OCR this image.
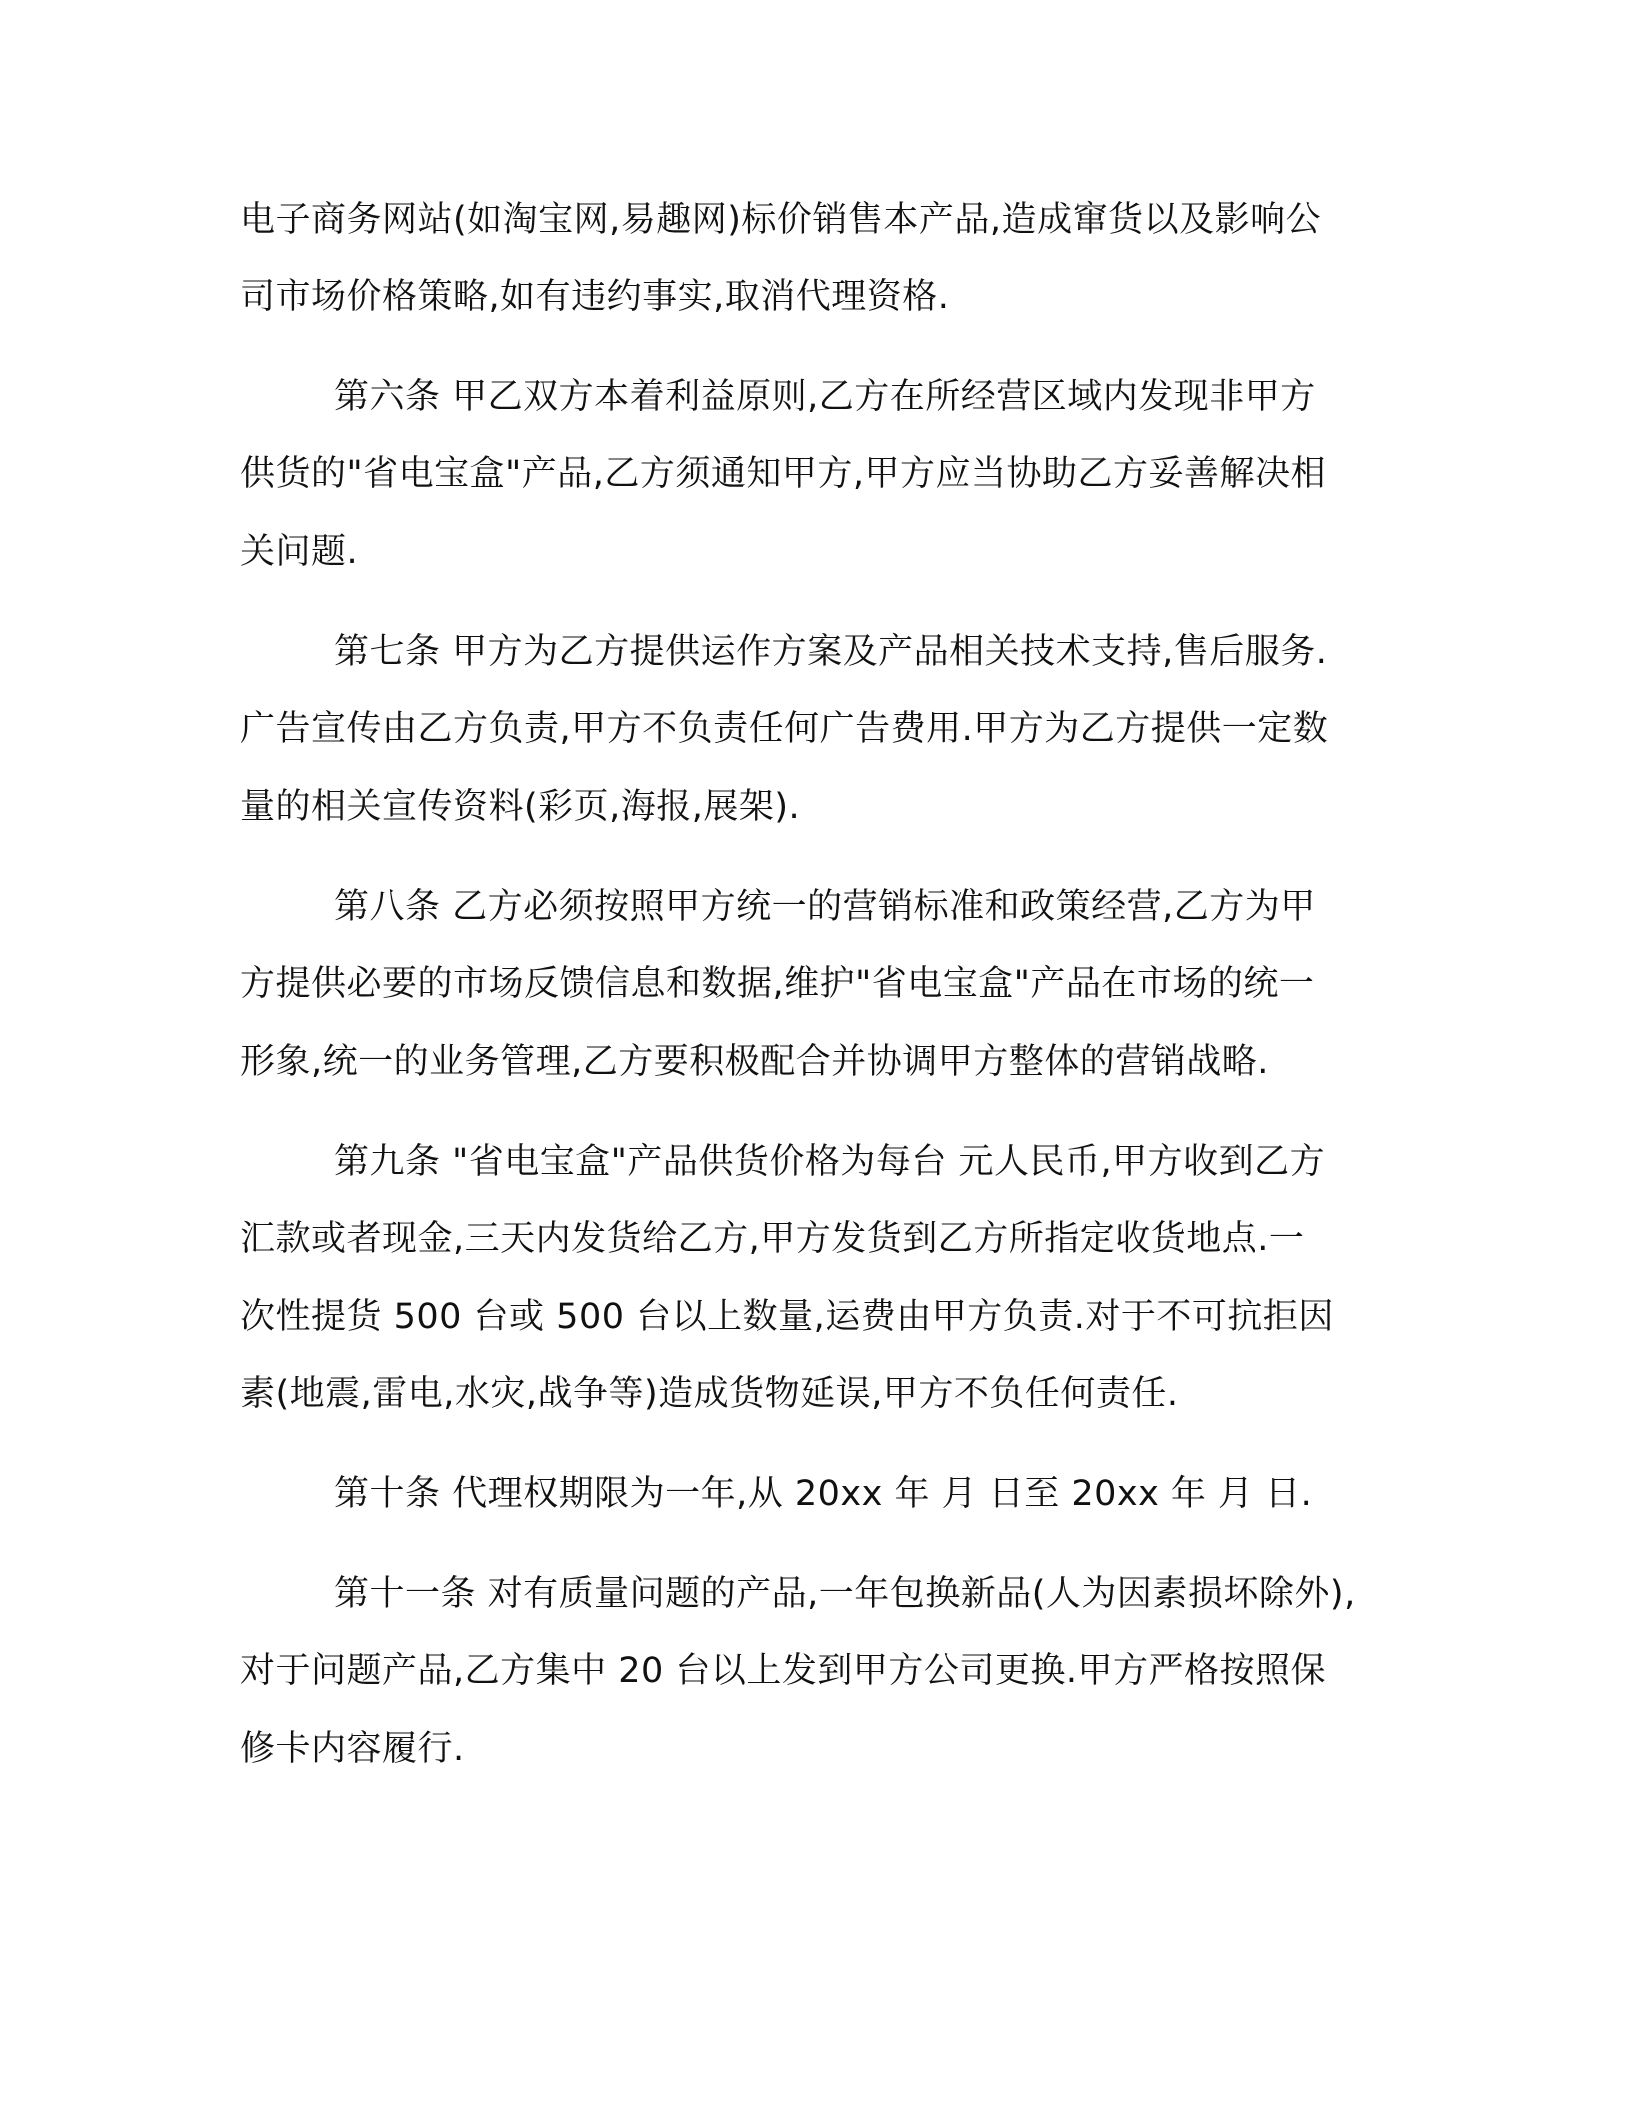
电子商务网站(如淘宝网,易趣网)标价销售本产品,造成窜货以及影响公
司市场价格策略,如有违约事实,取消代理资格.
第六条 甲乙双方本着利益原则,乙方在所经营区域内发现非甲方
供货的"省电宝盒"产品,乙方须通知甲方,甲方应当协助乙方妥善解决相
关问题.
第七条 甲方为乙方提供运作方案及产品相关技术支持,售后服务.
广告宣传由乙方负责,甲方不负责任何广告费用.甲方为乙方提供一定数
量的相关宣传资料(彩页,海报,展架).
第八条 乙方必须按照甲方统一的营销标准和政策经营,乙方为甲
方提供必要的市场反馈信息和数据,维护"省电宝盒"产品在市场的统一
形象,统一的业务管理,乙方要积极配合并协调甲方整体的营销战略.
第九条 "省电宝盒"产品供货价格为每台 元人民币,甲方收到乙方
汇款或者现金,三天内发货给乙方,甲方发货到乙方所指定收货地点.一
次性提货 500 台或 500 台以上数量,运费由甲方负责.对于不可抗拒因
素(地震,雷电,水灾,战争等)造成货物延误,甲方不负任何责任.
第十条 代理权期限为一年,从 20xx 年 月 日至 20xx 年 月 日.
第十一条 对有质量问题的产品,一年包换新品(人为因素损坏除外),
对于问题产品,乙方集中 20 台以上发到甲方公司更换.甲方严格按照保
修卡内容履行.
